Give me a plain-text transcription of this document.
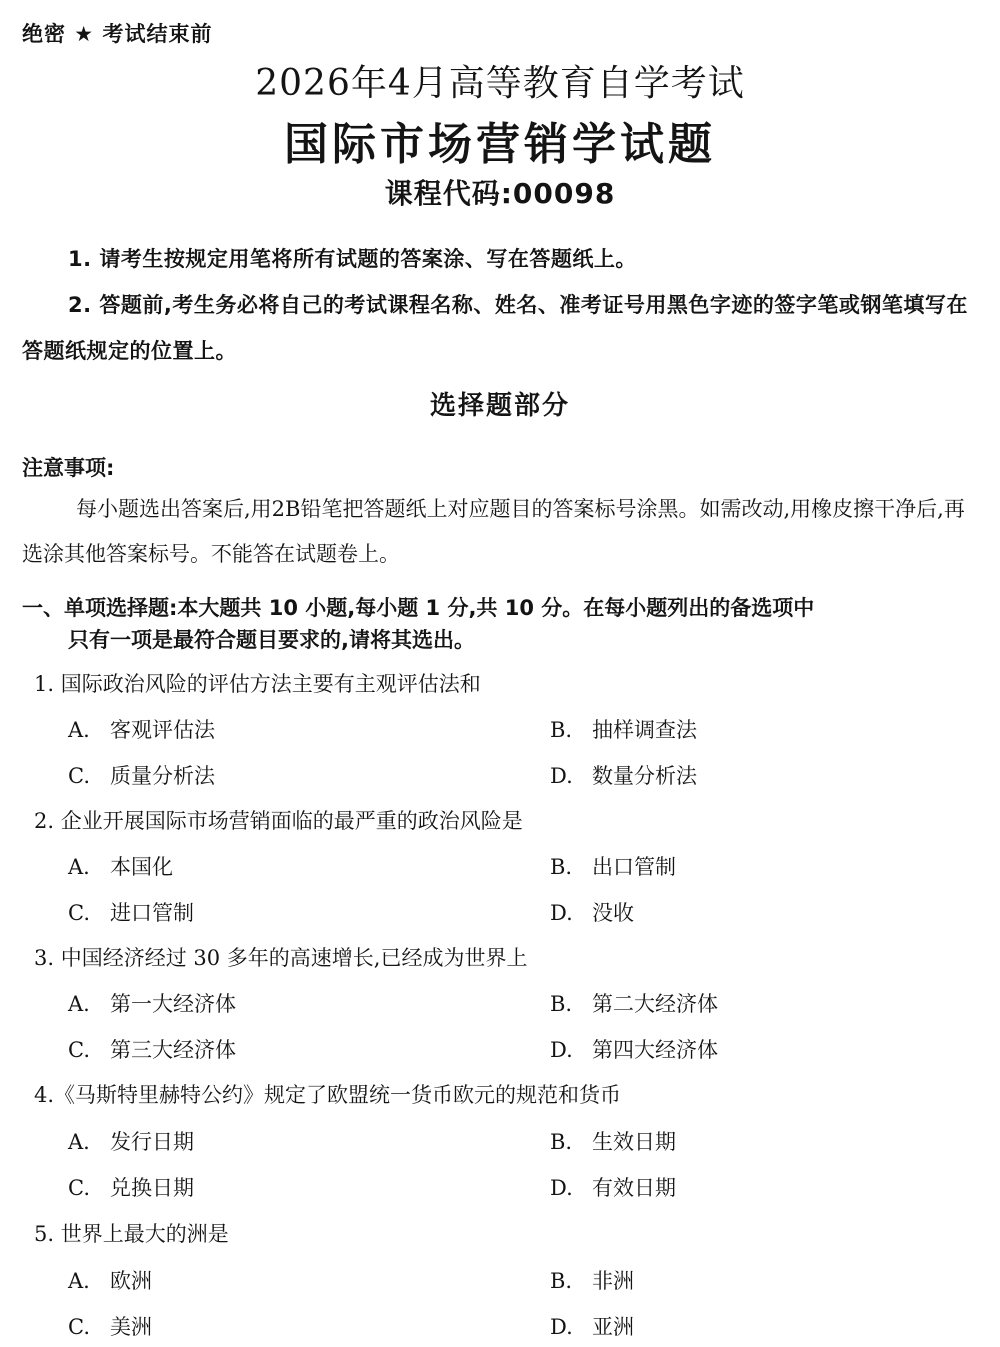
绝密 ★ 考试结束前
2026年4月高等教育自学考试
国际市场营销学试题
课程代码:00098
1. 请考生按规定用笔将所有试题的答案涂、写在答题纸上。
2. 答题前,考生务必将自己的考试课程名称、姓名、准考证号用黑色字迹的签字笔或钢笔填写在答题纸规定的位置上。
选择题部分
注意事项:
每小题选出答案后,用2B铅笔把答题纸上对应题目的答案标号涂黑。如需改动,用橡皮擦干净后,再选涂其他答案标号。不能答在试题卷上。
一、单项选择题:本大题共 10 小题,每小题 1 分,共 10 分。在每小题列出的备选项中
只有一项是最符合题目要求的,请将其选出。
1. 国际政治风险的评估方法主要有主观评估法和
A. 客观评估法	B. 抽样调查法
C. 质量分析法	D. 数量分析法
2. 企业开展国际市场营销面临的最严重的政治风险是
A. 本国化	B. 出口管制
C. 进口管制	D. 没收
3. 中国经济经过 30 多年的高速增长,已经成为世界上
A. 第一大经济体	B. 第二大经济体
C. 第三大经济体	D. 第四大经济体
4.《马斯特里赫特公约》规定了欧盟统一货币欧元的规范和货币
A. 发行日期	B. 生效日期
C. 兑换日期	D. 有效日期
5. 世界上最大的洲是
A. 欧洲	B. 非洲
C. 美洲	D. 亚洲
